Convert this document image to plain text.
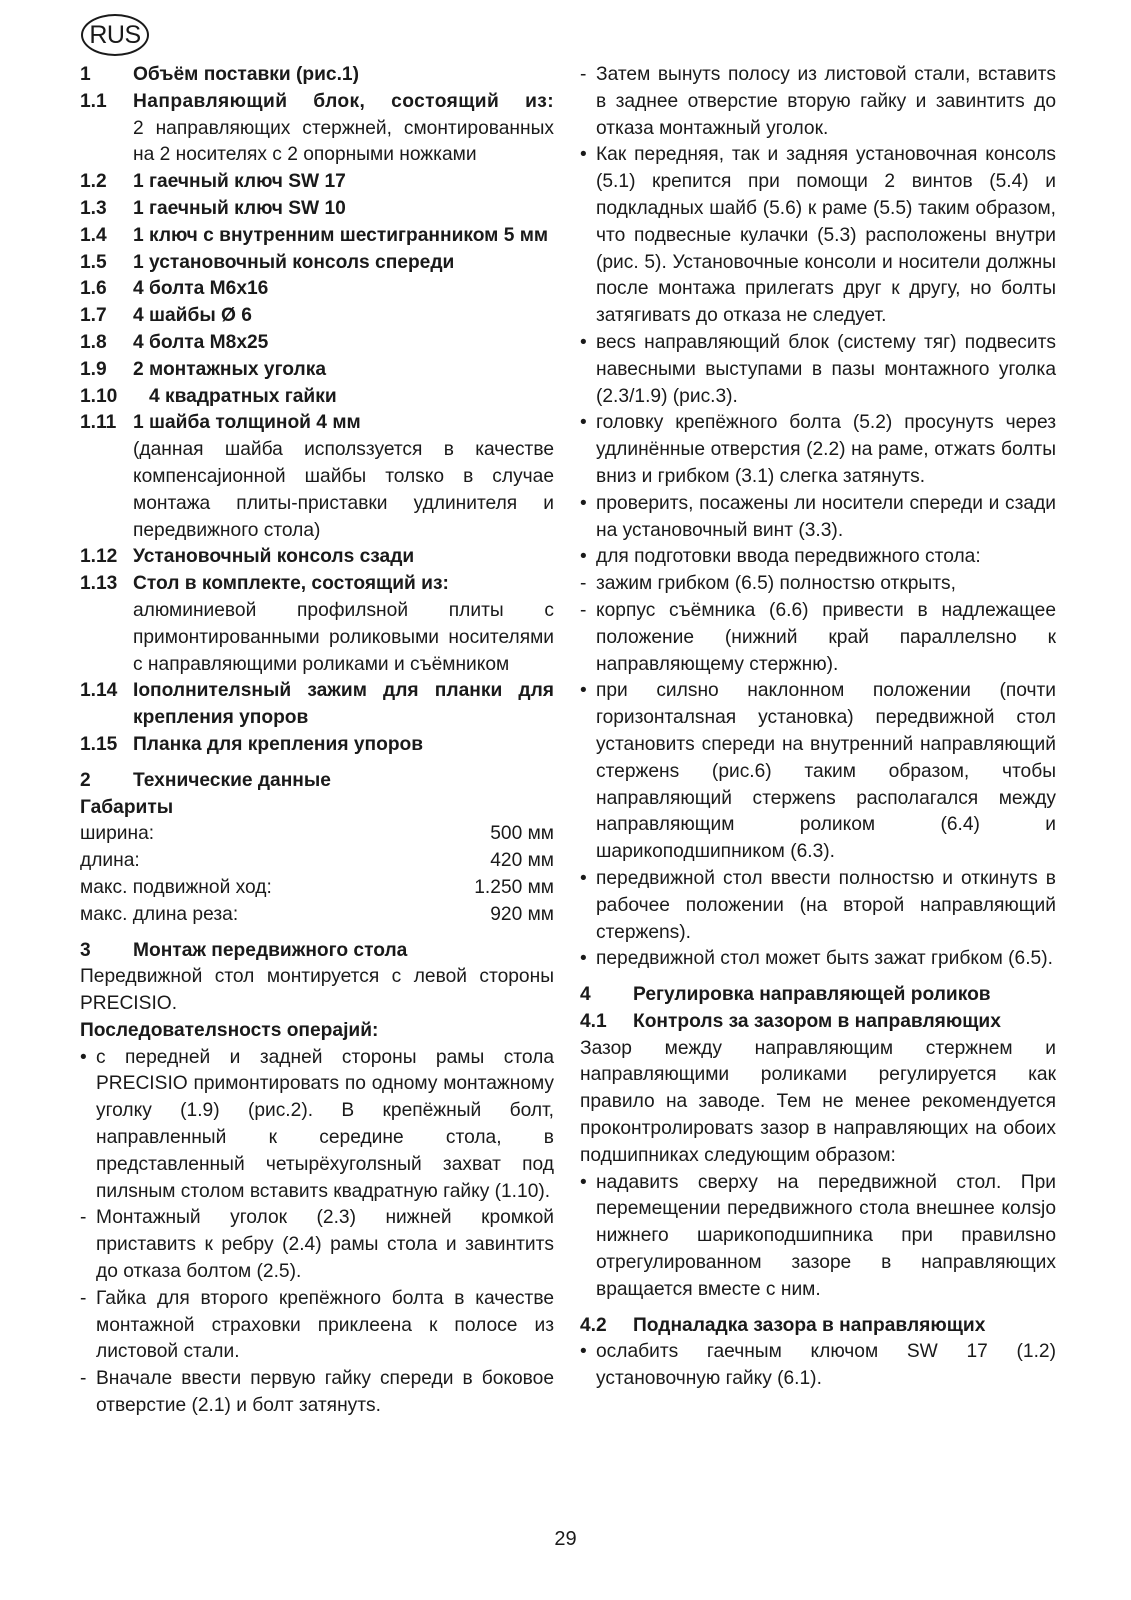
RUS
1	Объём поставки (рис.1)
1.1	Направляющий блок, состоящий из:
2 направляющих стержней, смонтированных на 2 носителях с 2 опорными ножками
1.2	1 гаечный ключ SW 17
1.3	1 гаечный ключ SW 10
1.4	1 ключ с внутренним шестигранником 5 мм
1.5	1 установочный консолs спереди
1.6	4 болта M6x16
1.7	4 шайбы Ø 6
1.8	4 болта M8x25
1.9	2 монтажных уголка
1.10	4 квадратных гайки
1.11 1 шайба толщиной 4 мм
(данная шайба исполsзуется в качестве компенсаjионной шайбы толsко в случае монтажа плиты-приставки удлинителя и передвижного стола)
1.12 Установочный консолs сзади
1.13 Стол в комплекте, состоящий из:
алюминиевой профилsной плиты с примонтированными роликовыми носителями с направляющими роликами и съёмником
1.14 Іополнителsный зажим для планки для крепления упоров
1.15 Планка для крепления упоров
2	Технические данные
Габариты
ширина:	500 мм
длина:	420 мм
макс. подвижной ход:	1.250 мм
макс. длина реза:	920 мм
3	Монтаж передвижного стола
Передвижной стол монтируется с левой стороны PRECISIO.
Последователsностs операjий:
• с передней и задней стороны рамы стола PRECISIO примонтироватs по одному монтажному уголку (1.9) (рис.2). В крепёжный болт, направленный к середине стола, в представленный четырёхуголsный захват под пилsным столом вставитs квадратную гайку (1.10).
- Монтажный уголок (2.3) нижней кромкой приставитs к ребру (2.4) рамы стола и завинтитs до отказа болтом (2.5).
- Гайка для второго крепёжного болта в качестве монтажной страховки приклеена к полосе из листовой стали.
- Вначале ввести первую гайку спереди в боковое отверстие (2.1) и болт затянутs.
- Затем вынутs полосу из листовой стали, вставитs в заднее отверстие вторую гайку и завинтитs до отказа монтажный уголок.
• Как передняя, так и задняя установочная консолs (5.1) крепится при помощи 2 винтов (5.4) и подкладных шайб (5.6) к раме (5.5) таким образом, что подвесные кулачки (5.3) расположены внутри (рис. 5). Установочные консоли и носители должны после монтажа прилегатs друг к другу, но болты затягиватs до отказа не следует.
• весs направляющий блок (систему тяг) подвеситs навесными выступами в пазы монтажного уголка (2.3/1.9) (рис.3).
• головку крепёжного болта (5.2) просунутs через удлинённые отверстия (2.2) на раме, отжатs болты вниз и грибком (3.1) слегка затянутs.
• проверитs, посажены ли носители спереди и сзади на установочный винт (3.3).
• для подготовки ввода передвижного стола:
- зажим грибком (6.5) полностsю откpытs,
- корпус съёмника (6.6) привести в надлежащее положение (нижний край параллелsно к направляющему стержню).
• при силsно наклонном положении (почти горизонталsная установка) передвижной стол установитs спереди на внутренний направляющий стерженs (рис.6) таким образом, чтобы направляющий стержens располагался между направляющим роликом (6.4) и шарикоподшипником (6.3).
• передвижной стол ввести полностsю и откинутs в рабочее положении (на второй направляющий стержens).
• передвижной стол может бытs зажат грибком (6.5).
4	Регулировка направляющей роликов
4.1	Контролs за зазором в направляющих
Зазор между направляющим стержнем и направляющими роликами регулируется как правило на заводе. Тем не менее рекомендуется проконтролироватs зазор в направляющих на обоих подшипниках следующим образом:
• надавитs сверху на передвижной стол. При перемещении передвижного стола внешнее колsjо нижнего шарикоподшипника при правилsно отрегулированном зазоре в направляющих вращается вместе с ним.
4.2	Подналадка зазора в направляющих
• ослабитs гаечным ключом SW 17 (1.2) установочную гайку (6.1).
29
